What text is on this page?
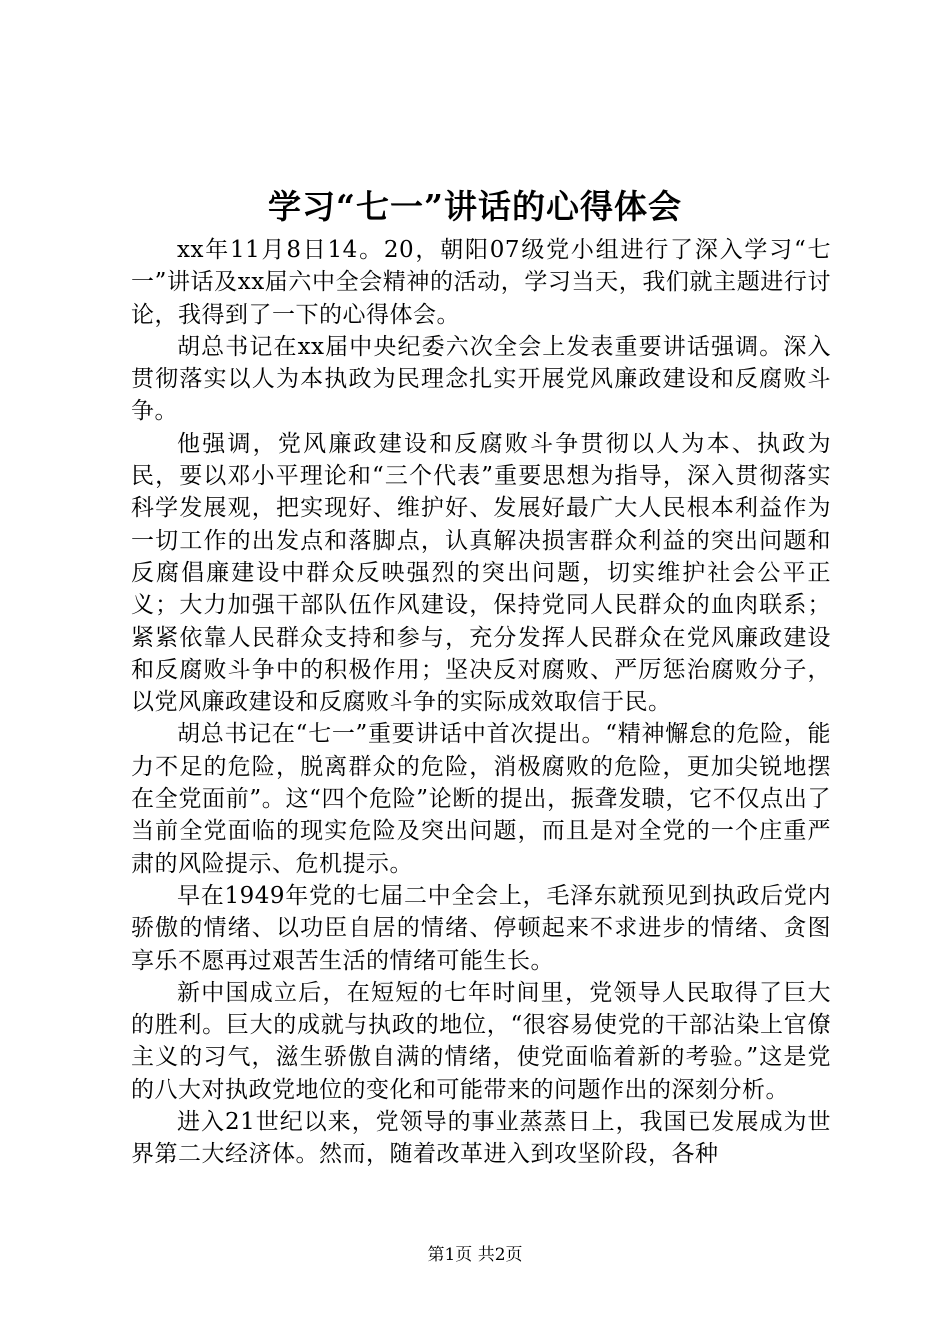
学习“七一”讲话的心得体会

xx年11月8日14。20，朝阳07级党小组进行了深入学习“七一”讲话及xx届六中全会精神的活动，学习当天，我们就主题进行讨论，我得到了一下的心得体会。

胡总书记在xx届中央纪委六次全会上发表重要讲话强调。深入贯彻落实以人为本执政为民理念扎实开展党风廉政建设和反腐败斗争。

他强调，党风廉政建设和反腐败斗争贯彻以人为本、执政为民，要以邓小平理论和“三个代表”重要思想为指导，深入贯彻落实科学发展观，把实现好、维护好、发展好最广大人民根本利益作为一切工作的出发点和落脚点，认真解决损害群众利益的突出问题和反腐倡廉建设中群众反映强烈的突出问题，切实维护社会公平正义；大力加强干部队伍作风建设，保持党同人民群众的血肉联系；紧紧依靠人民群众支持和参与，充分发挥人民群众在党风廉政建设和反腐败斗争中的积极作用；坚决反对腐败、严厉惩治腐败分子，以党风廉政建设和反腐败斗争的实际成效取信于民。

胡总书记在“七一”重要讲话中首次提出。“精神懈怠的危险，能力不足的危险，脱离群众的危险，消极腐败的危险，更加尖锐地摆在全党面前”。这“四个危险”论断的提出，振聋发聩，它不仅点出了当前全党面临的现实危险及突出问题，而且是对全党的一个庄重严肃的风险提示、危机提示。

早在1949年党的七届二中全会上，毛泽东就预见到执政后党内骄傲的情绪、以功臣自居的情绪、停顿起来不求进步的情绪、贪图享乐不愿再过艰苦生活的情绪可能生长。

新中国成立后，在短短的七年时间里，党领导人民取得了巨大的胜利。巨大的成就与执政的地位，“很容易使党的干部沾染上官僚主义的习气，滋生骄傲自满的情绪，使党面临着新的考验。”这是党的八大对执政党地位的变化和可能带来的问题作出的深刻分析。

进入21世纪以来，党领导的事业蒸蒸日上，我国已发展成为世界第二大经济体。然而，随着改革进入到攻坚阶段，各种

第1页 共2页
